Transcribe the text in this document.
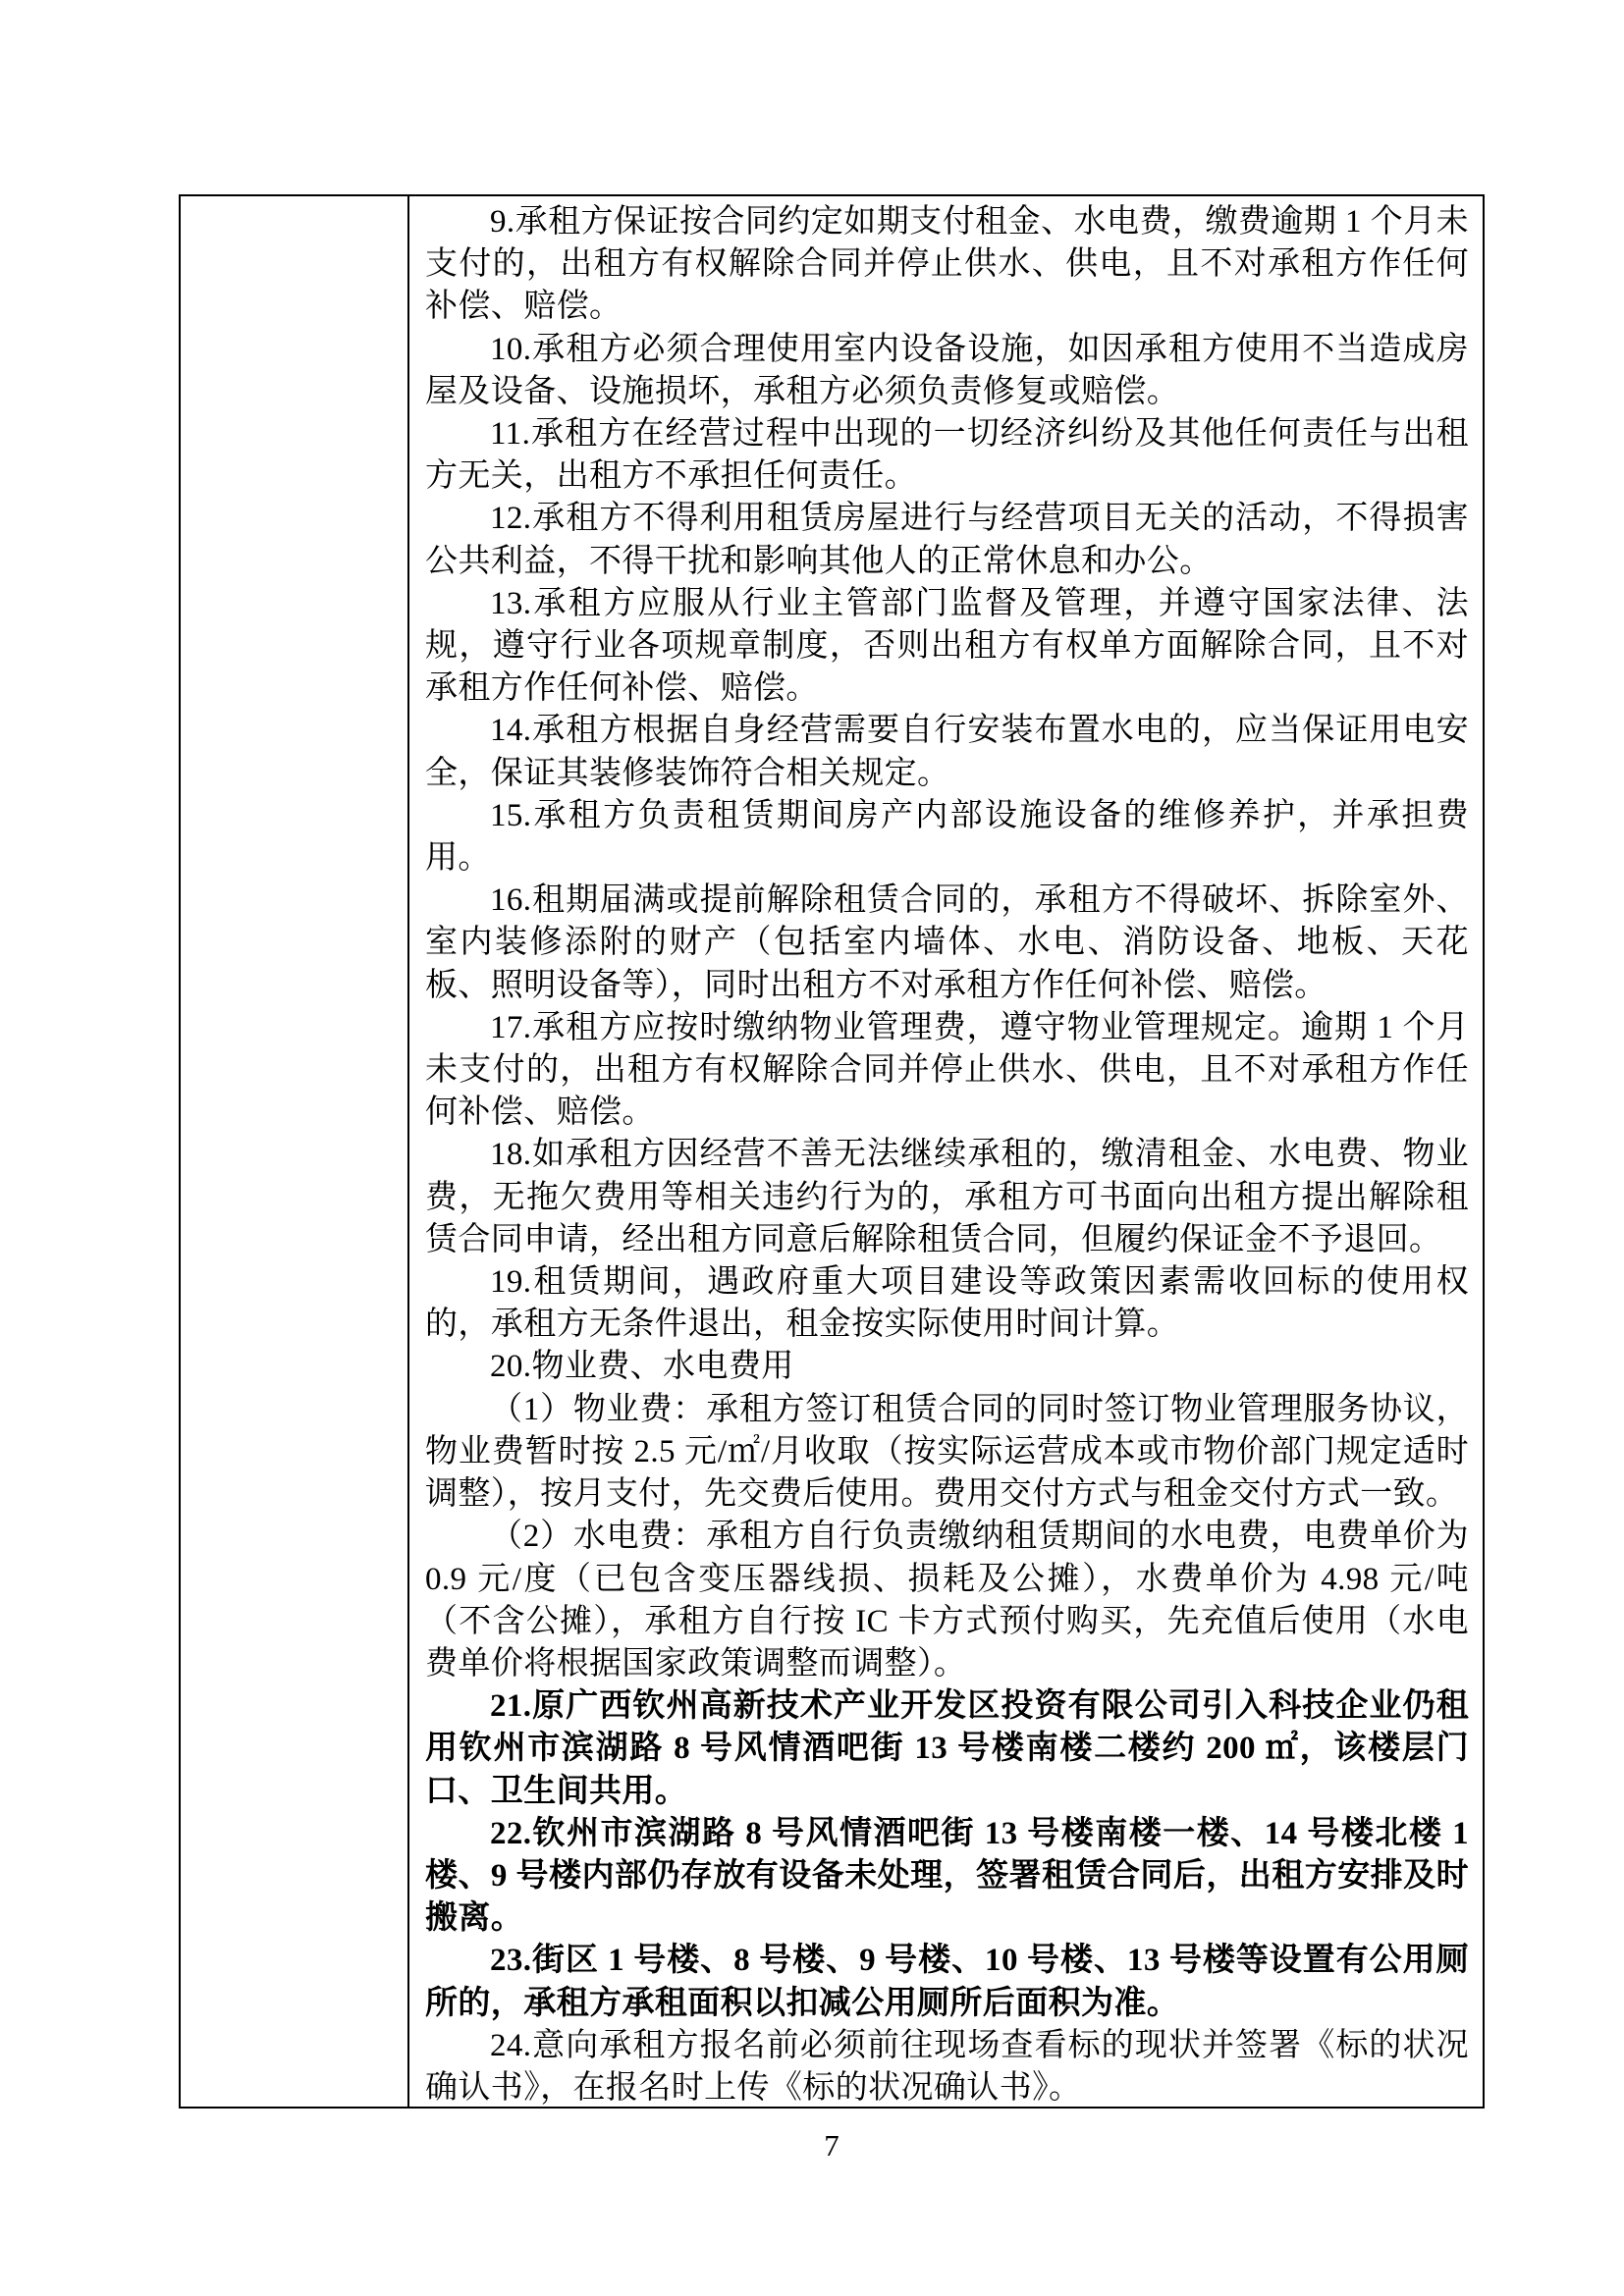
9.承租方保证按合同约定如期支付租金、水电费，缴费逾期 1 个月未支付的，出租方有权解除合同并停止供水、供电，且不对承租方作任何补偿、赔偿。

10.承租方必须合理使用室内设备设施，如因承租方使用不当造成房屋及设备、设施损坏，承租方必须负责修复或赔偿。

11.承租方在经营过程中出现的一切经济纠纷及其他任何责任与出租方无关，出租方不承担任何责任。

12.承租方不得利用租赁房屋进行与经营项目无关的活动，不得损害公共利益，不得干扰和影响其他人的正常休息和办公。

13.承租方应服从行业主管部门监督及管理，并遵守国家法律、法规，遵守行业各项规章制度，否则出租方有权单方面解除合同，且不对承租方作任何补偿、赔偿。

14.承租方根据自身经营需要自行安装布置水电的，应当保证用电安全，保证其装修装饰符合相关规定。

15.承租方负责租赁期间房产内部设施设备的维修养护，并承担费用。

16.租期届满或提前解除租赁合同的，承租方不得破坏、拆除室外、室内装修添附的财产（包括室内墙体、水电、消防设备、地板、天花板、照明设备等），同时出租方不对承租方作任何补偿、赔偿。

17.承租方应按时缴纳物业管理费，遵守物业管理规定。逾期 1 个月未支付的，出租方有权解除合同并停止供水、供电，且不对承租方作任何补偿、赔偿。

18.如承租方因经营不善无法继续承租的，缴清租金、水电费、物业费，无拖欠费用等相关违约行为的，承租方可书面向出租方提出解除租赁合同申请，经出租方同意后解除租赁合同，但履约保证金不予退回。

19.租赁期间，遇政府重大项目建设等政策因素需收回标的使用权的，承租方无条件退出，租金按实际使用时间计算。

20.物业费、水电费用

（1）物业费：承租方签订租赁合同的同时签订物业管理服务协议，物业费暂时按 2.5 元/㎡/月收取（按实际运营成本或市物价部门规定适时调整），按月支付，先交费后使用。费用交付方式与租金交付方式一致。

（2）水电费：承租方自行负责缴纳租赁期间的水电费，电费单价为 0.9 元/度（已包含变压器线损、损耗及公摊），水费单价为 4.98 元/吨（不含公摊），承租方自行按 IC 卡方式预付购买，先充值后使用（水电费单价将根据国家政策调整而调整）。

21.原广西钦州高新技术产业开发区投资有限公司引入科技企业仍租用钦州市滨湖路 8 号风情酒吧街 13 号楼南楼二楼约 200 ㎡，该楼层门口、卫生间共用。

22.钦州市滨湖路 8 号风情酒吧街 13 号楼南楼一楼、14 号楼北楼 1 楼、9 号楼内部仍存放有设备未处理，签署租赁合同后，出租方安排及时搬离。

23.街区 1 号楼、8 号楼、9 号楼、10 号楼、13 号楼等设置有公用厕所的，承租方承租面积以扣减公用厕所后面积为准。

24.意向承租方报名前必须前往现场查看标的现状并签署《标的状况确认书》，在报名时上传《标的状况确认书》。

7
